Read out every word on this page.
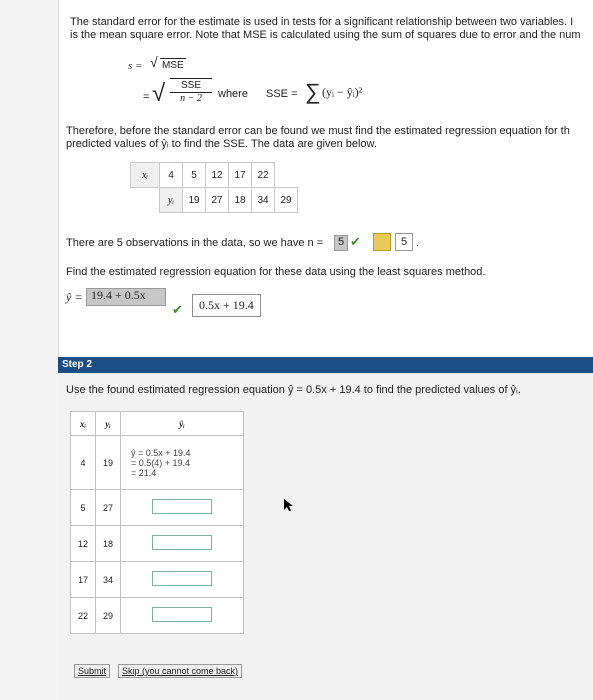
The standard error for the estimate is used in tests for a significant relationship between two variables. I
is the mean square error. Note that MSE is calculated using the sum of squares due to error and the num
s = √ MSE
= √	SSE
n − 2	where SSE = ∑ (yᵢ − ŷᵢ)²
Therefore, before the standard error can be found we must find the estimated regression equation for th
predicted values of ŷᵢ to find the SSE. The data are given below.
xᵢ	4	5	12	17	22	
	yᵢ	19	27	18	34	29
There are 5 observations in the data, so we have n =	5 ✔	5 .
Find the estimated regression equation for these data using the least squares method.
ŷ = 19.4 + 0.5x
✔	0.5x + 19.4
Step 2
Use the found estimated regression equation ŷ = 0.5x + 19.4 to find the predicted values of ŷᵢ.
xᵢ	yᵢ	ŷᵢ
4	19	ŷ = 0.5x + 19.4
= 0.5(4) + 19.4
= 21.4

5	27	
12	18	
17	34	
22	29	
Submit	Skip (you cannot come back)
